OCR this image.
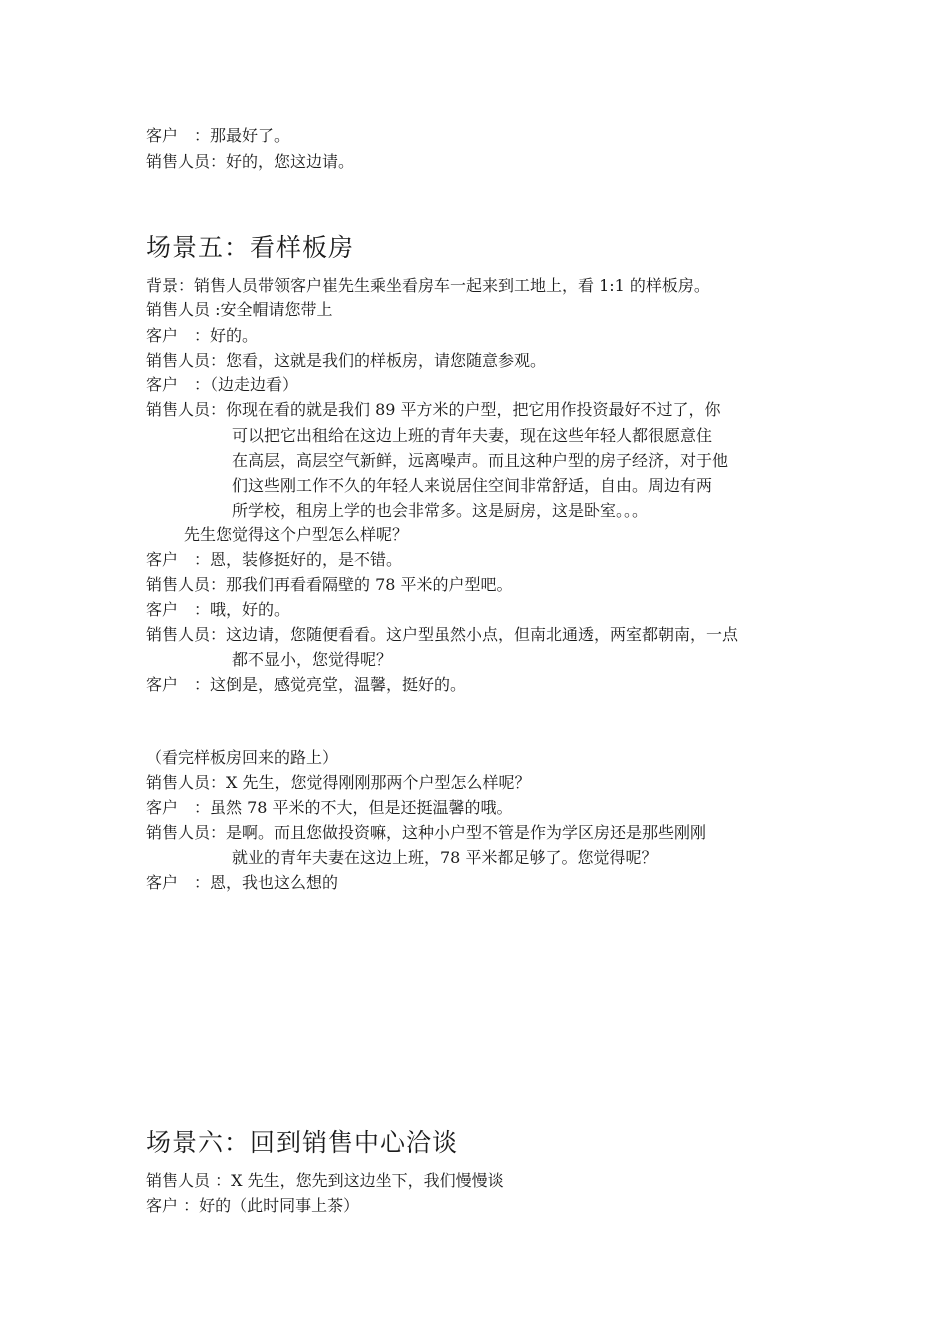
客户　：那最好了。
销售人员：好的，您这边请。
场景五：看样板房
背景：销售人员带领客户崔先生乘坐看房车一起来到工地上，看 1:1 的样板房。
销售人员 :安全帽请您带上
客户　：好的。
销售人员：您看，这就是我们的样板房，请您随意参观。
客户　：（边走边看）
销售人员：你现在看的就是我们 89 平方米的户型，把它用作投资最好不过了，你
可以把它出租给在这边上班的青年夫妻，现在这些年轻人都很愿意住
在高层，高层空气新鲜，远离噪声。而且这种户型的房子经济，对于他
们这些刚工作不久的年轻人来说居住空间非常舒适，自由。周边有两
所学校，租房上学的也会非常多。这是厨房，这是卧室。。。
先生您觉得这个户型怎么样呢？
客户　：恩，装修挺好的，是不错。
销售人员：那我们再看看隔壁的 78 平米的户型吧。
客户　：哦，好的。
销售人员：这边请，您随便看看。这户型虽然小点，但南北通透，两室都朝南，一点
都不显小，您觉得呢？
客户　：这倒是，感觉亮堂，温馨，挺好的。
（看完样板房回来的路上）
销售人员：X 先生，您觉得刚刚那两个户型怎么样呢？
客户　：虽然 78 平米的不大，但是还挺温馨的哦。
销售人员：是啊。而且您做投资嘛，这种小户型不管是作为学区房还是那些刚刚
就业的青年夫妻在这边上班，78 平米都足够了。您觉得呢？
客户　：恩，我也这么想的
场景六：回到销售中心洽谈
销售人员 ：X 先生，您先到这边坐下，我们慢慢谈
客户 ：好的（此时同事上茶）
